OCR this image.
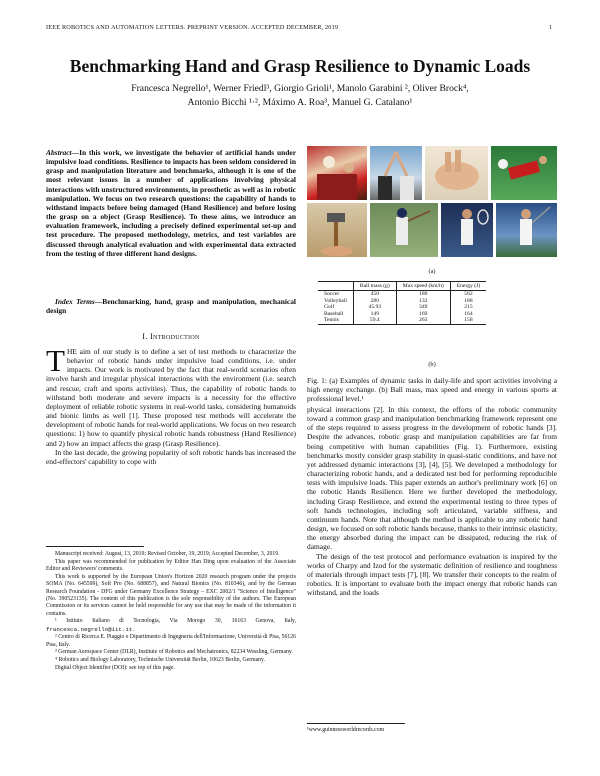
IEEE ROBOTICS AND AUTOMATION LETTERS. PREPRINT VERSION. ACCEPTED DECEMBER, 2019	1
Benchmarking Hand and Grasp Resilience to Dynamic Loads
Francesca Negrello¹, Werner Friedl³, Giorgio Grioli¹, Manolo Garabini ², Oliver Brock⁴,
Antonio Bicchi ¹·², Máximo A. Roa³, Manuel G. Catalano¹
Abstract—In this work, we investigate the behavior of artificial hands under impulsive load conditions. Resilience to impacts has been seldom considered in grasp and manipulation literature and benchmarks, although it is one of the most relevant issues in a number of applications involving physical interactions with unstructured environments, in prosthetic as well as in robotic manipulation. We focus on two research questions: the capability of hands to withstand impacts before being damaged (Hand Resilience) and before losing the grasp on a object (Grasp Resilience). To these aims, we introduce an evaluation framework, including a precisely defined experimental set-up and test procedure. The proposed methodology, metrics, and test variables are discussed through analytical evaluation and with experimental data extracted from the testing of three different hand designs.
Index Terms—Benchmarking, hand, grasp and manipulation, mechanical design
I. Introduction

THE aim of our study is to define a set of test methods to characterize the behavior of robotic hands under impulsive load conditions, i.e. under impacts. Our work is motivated by the fact that real-world scenarios often involve harsh and irregular physical interactions with the environment (i.e. search and rescue, craft and sports activities). Thus, the capability of robotic hands to withstand both moderate and severe impacts is a necessity for the effective deployment of reliable robotic systems in real-world tasks, considering humanoids and bionic limbs as well [1]. These proposed test methods will accelerate the development of robotic hands for real-world applications. We focus on two research questions: 1) how to quantify physical robotic hands robustness (Hand Resilience) and 2) how an impact affects the grasp (Grasp Resilience).

In the last decade, the growing popularity of soft robotic hands has increased the end-effectors' capability to cope with

Manuscript received: August, 13, 2019; Revised October, 19, 2019; Accepted December, 3, 2019.

This paper was recommended for publication by Editor Han Ding upon evaluation of the Associate Editor and Reviewers' comments.

This work is supported by the European Union's Horizon 2020 research program under the projects SOMA (No. 645599), Soft Pro (No. 688857), and Natural Bionics (No. 810346), and by the German Research Foundation - DFG under Germany Excellence Strategy – EXC 2002/1 "Science of Intelligence" (No. 390523135). The content of this publication is the sole responsibility of the authors. The European Commission or its services cannot be held responsible for any use that may be made of the information it contains.

¹ Istituto Italiano di Tecnologia, Via Morego 30, 16163 Genova, Italy, francesca.negrello@iit.it.

² Centro di Ricerca E. Piaggio e Dipartimento di Ingegneria dell'Informazione, Università di Pisa, 56126 Pisa, Italy.

³ German Aerospace Center (DLR), Institute of Robotics and Mechatronics, 82234 Wessling, Germany.

⁴ Robotics and Biology Laboratory, Technische Universität Berlin, 10623 Berlin, Germany.

Digital Object Identifier (DOI): see top of this page.

(a)
	Ball mass (g)	Max speed (km/h)	Energy (J)
Soccer	450	180	562
Volleyball	280	132	188
Golf	45.93	349	215
Baseball	149	169	164
Tennis	59.4	263	158
(b)
Fig. 1: (a) Examples of dynamic tasks in daily-life and sport activities involving a high energy exchange. (b) Ball mass, max speed and energy in various sports at professional level.¹

physical interactions [2]. In this context, the efforts of the robotic community toward a common grasp and manipulation benchmarking framework represent one of the steps required to assess progress in the development of robotic hands [3]. Despite the advances, robotic grasp and manipulation capabilities are far from being competitive with human capabilities (Fig. 1). Furthermore, existing benchmarks mostly consider grasp stability in quasi-static conditions, and have not yet addressed dynamic interactions [3], [4], [5]. We developed a methodology for characterizing robotic hands, and a dedicated test bed for performing reproducible tests with impulsive loads. This paper extends an author's preliminary work [6] on the robotic Hands Resilience. Here we further developed the methodology, including Grasp Resilience, and extend the experimental testing to three types of soft hands technologies, including soft articulated, variable stiffness, and continuum hands. Note that although the method is applicable to any robotic hand design, we focused on soft robotic hands because, thanks to their intrinsic elasticity, the energy absorbed during the impact can be dissipated, reducing the risk of damage.

The design of the test protocol and performance evaluation is inspired by the works of Charpy and Izod for the systematic definition of resilience and toughness of materials through impact tests [7], [8]. We transfer their concepts to the realm of robotics. It is important to evaluate both the impact energy that robotic hands can withstand, and the loads

¹www.guinnessworldrecords.com
